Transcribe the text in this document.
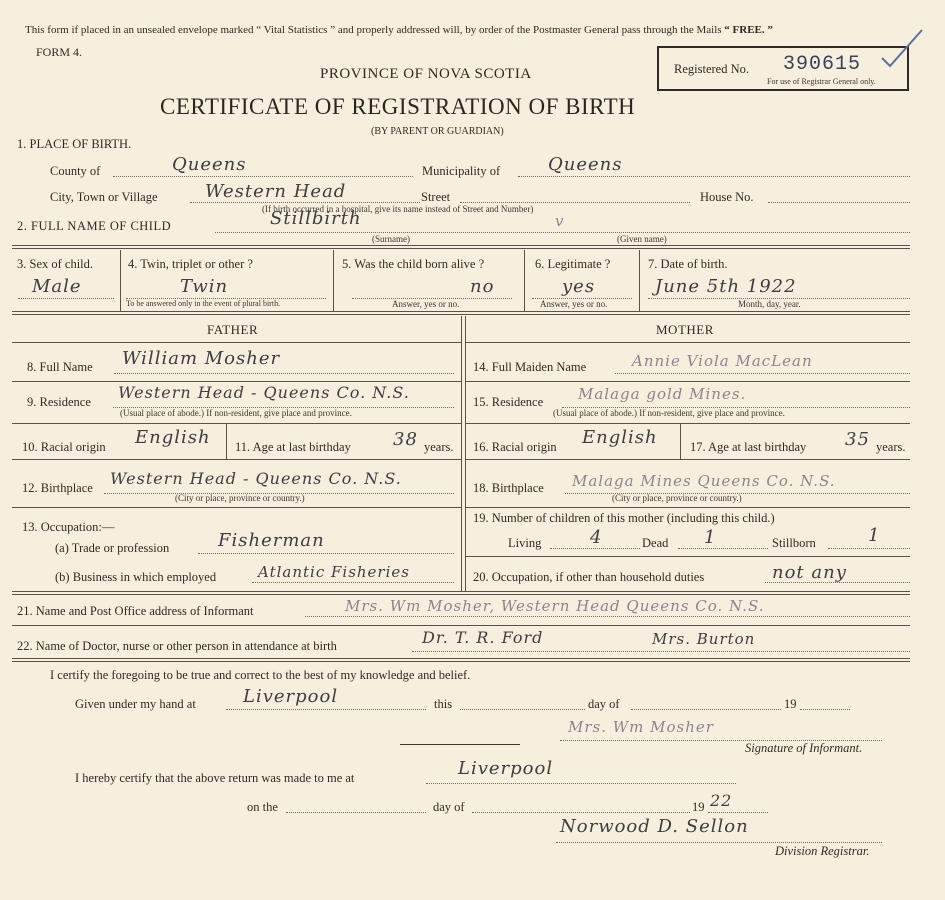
This form if placed in an unsealed envelope marked “ Vital Statistics ” and properly addressed will, by order of the Postmaster General pass through the Mails “ FREE. ”
FORM 4.
PROVINCE OF NOVA SCOTIA
CERTIFICATE OF REGISTRATION OF BIRTH
(BY PARENT OR GUARDIAN)
Registered No. 390615
For use of Registrar General only.
1. PLACE OF BIRTH.
County of	Queens	Municipality of	Queens
City, Town or Village	Western Head	Street	House No.
(If birth occurred in a hospital, give its name instead of Street and Number)
2. FULL NAME OF CHILD	Stillbirth	v
(Surname)	(Given name)
3. Sex of child.
Male
4. Twin, triplet or other ?
Twin
To be answered only in the event of plural birth.
5. Was the child born alive ?
no
Answer, yes or no.
6. Legitimate ?
yes
Answer, yes or no.
7. Date of birth.
June 5th 1922
Month, day, year.
FATHER	MOTHER
8. Full Name William Mosher
9. Residence Western Head - Queens Co. N.S.
(Usual place of abode.) If non-resident, give place and province.
10. Racial origin English 11. Age at last birthday 38 years.
12. Birthplace Western Head - Queens Co. N.S.
(City or place, province or country.)
13. Occupation:—
(a) Trade or profession	Fisherman
(b) Business in which employed	Atlantic Fisheries
14. Full Maiden Name	Annie Viola MacLean
15. Residence Malaga gold Mines.
(Usual place of abode.) If non-resident, give place and province.
16. Racial origin English	17. Age at last birthday 35 years.
18. Birthplace Malaga Mines Queens Co. N.S.
(City or place, province or country.)
19. Number of children of this mother (including this child.)
Living	4	Dead 1	Stillborn	1
20. Occupation, if other than household duties	not any
21. Name and Post Office address of Informant	Mrs. Wm Mosher, Western Head Queens Co. N.S.
22. Name of Doctor, nurse or other person in attendance at birth	Dr. T. R. Ford	Mrs. Burton
I certify the foregoing to be true and correct to the best of my knowledge and belief.
Given under my hand at	Liverpool	this	day of	19
Mrs. Wm Mosher
Signature of Informant.
I hereby certify that the above return was made to me at	Liverpool
on the	day of	19 22
Norwood D. Sellon
Division Registrar.
